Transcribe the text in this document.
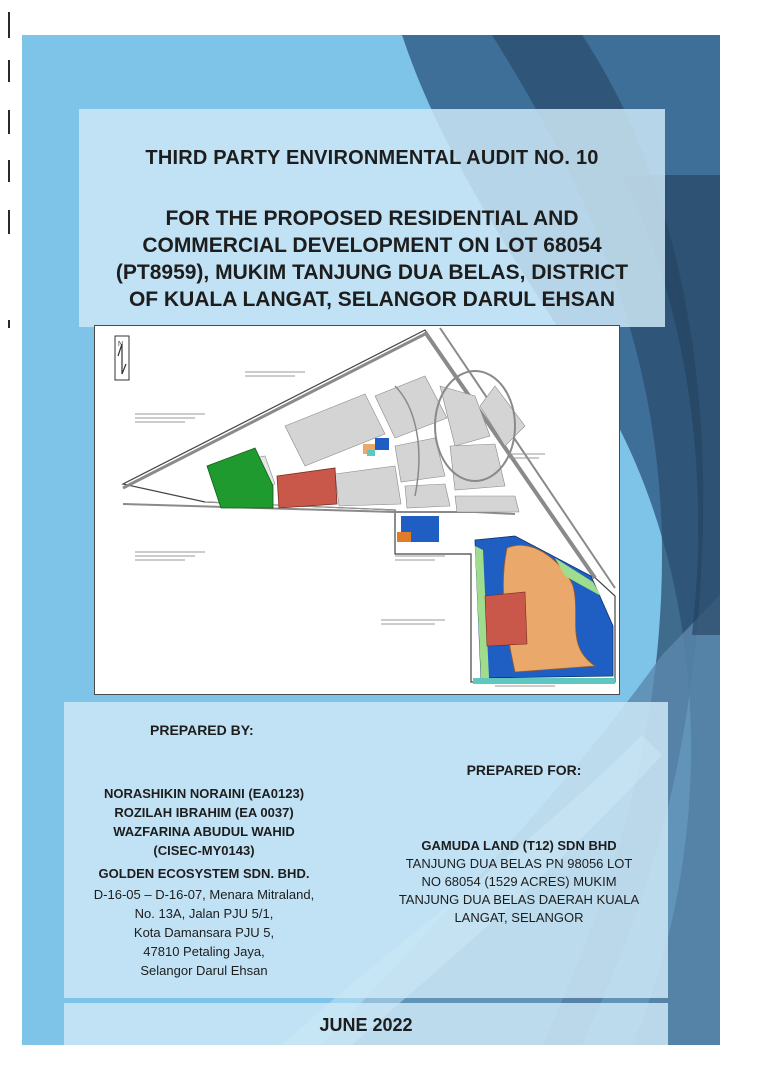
THIRD PARTY ENVIRONMENTAL AUDIT NO. 10
FOR THE PROPOSED RESIDENTIAL AND
COMMERCIAL DEVELOPMENT ON LOT 68054
(PT8959), MUKIM TANJUNG DUA BELAS, DISTRICT
OF KUALA LANGAT, SELANGOR DARUL EHSAN
N
PREPARED BY:
NORASHIKIN NORAINI (EA0123)
ROZILAH IBRAHIM (EA 0037)
WAZFARINA ABUDUL WAHID
(CISEC-MY0143)
GOLDEN ECOSYSTEM SDN. BHD.
D-16-05 – D-16-07, Menara Mitraland,
No. 13A, Jalan PJU 5/1,
Kota Damansara PJU 5,
47810 Petaling Jaya,
Selangor Darul Ehsan
PREPARED FOR:
GAMUDA LAND (T12) SDN BHD
TANJUNG DUA BELAS PN 98056 LOT
NO 68054 (1529 ACRES) MUKIM
TANJUNG DUA BELAS DAERAH KUALA
LANGAT, SELANGOR
JUNE 2022
